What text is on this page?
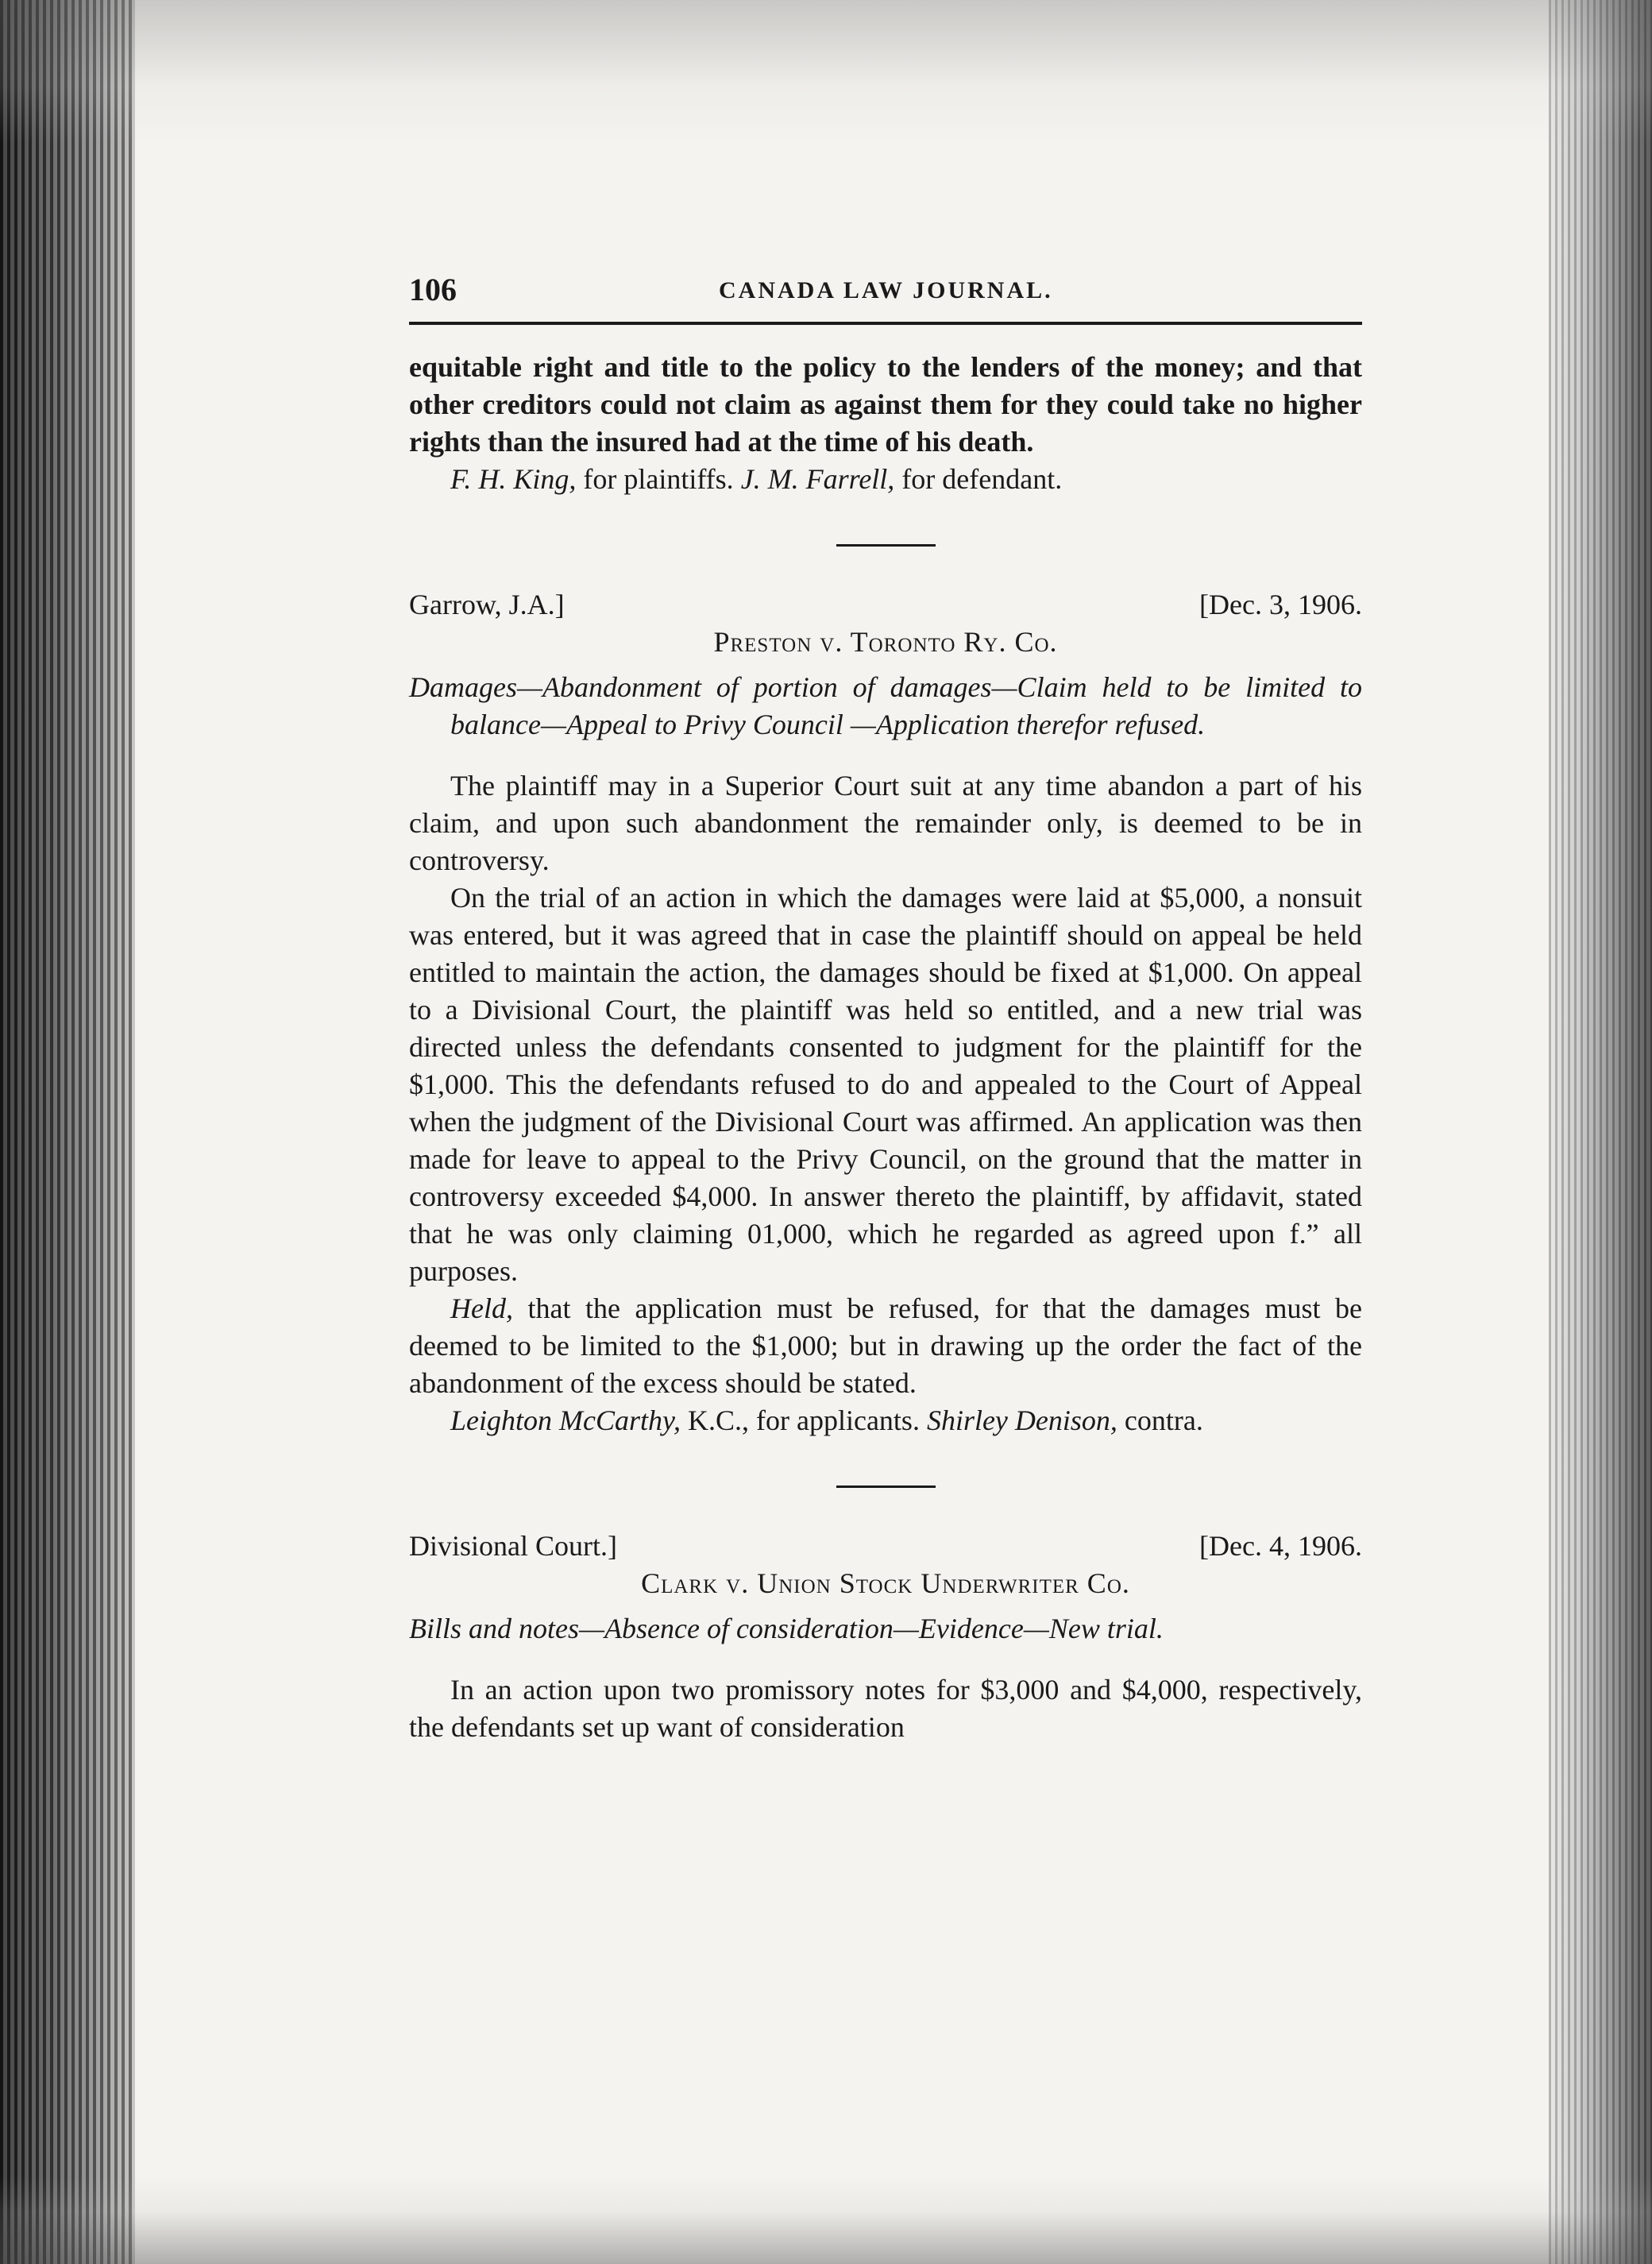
106	CANADA LAW JOURNAL.

equitable right and title to the policy to the lenders of the money; and that other creditors could not claim as against them for they could take no higher rights than the insured had at the time of his death.

F. H. King, for plaintiffs. J. M. Farrell, for defendant.

Garrow, J.A.]	[Dec. 3, 1906.
Preston v. Toronto Ry. Co.
Damages—Abandonment of portion of damages—Claim held to be limited to balance—Appeal to Privy Council —Application therefor refused.

The plaintiff may in a Superior Court suit at any time abandon a part of his claim, and upon such abandonment the remainder only, is deemed to be in controversy.

On the trial of an action in which the damages were laid at $5,000, a nonsuit was entered, but it was agreed that in case the plaintiff should on appeal be held entitled to maintain the action, the damages should be fixed at $1,000. On appeal to a Divisional Court, the plaintiff was held so entitled, and a new trial was directed unless the defendants consented to judgment for the plaintiff for the $1,000. This the defendants refused to do and appealed to the Court of Appeal when the judgment of the Divisional Court was affirmed. An application was then made for leave to appeal to the Privy Council, on the ground that the matter in controversy exceeded $4,000. In answer thereto the plaintiff, by affidavit, stated that he was only claiming 01,000, which he regarded as agreed upon f.” all purposes.

Held, that the application must be refused, for that the damages must be deemed to be limited to the $1,000; but in drawing up the order the fact of the abandonment of the excess should be stated.

Leighton McCarthy, K.C., for applicants. Shirley Denison, contra.

Divisional Court.]	[Dec. 4, 1906.
Clark v. Union Stock Underwriter Co.
Bills and notes—Absence of consideration—Evidence—New trial.

In an action upon two promissory notes for $3,000 and $4,000, respectively, the defendants set up want of consideration
